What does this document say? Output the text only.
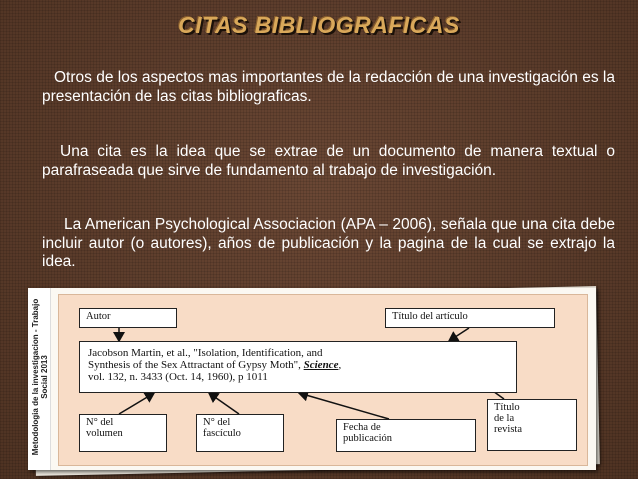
CITAS BIBLIOGRAFICAS
Otros de los aspectos mas importantes de la redacción de una investigación es la presentación de las citas bibliograficas.
Una cita es la idea que se extrae de un documento de manera textual o parafraseada que sirve de fundamento al trabajo de investigación.
La American Psychological Associacion (APA – 2006), señala que una cita debe incluir autor (o autores), años de publicación y la pagina de la cual se extrajo la idea.
Metodologia de la investigacion - Trabajo Social 2013
Autor	Título del artículo
Jacobson Martin, et al., "Isolation, Identification, and
Synthesis of the Sex Attractant of Gypsy Moth", Science,
vol. 132, n. 3433 (Oct. 14, 1960), p 1011
N° del
volumen
N° del
fascículo
Fecha de
publicación
Título
de la
revista
